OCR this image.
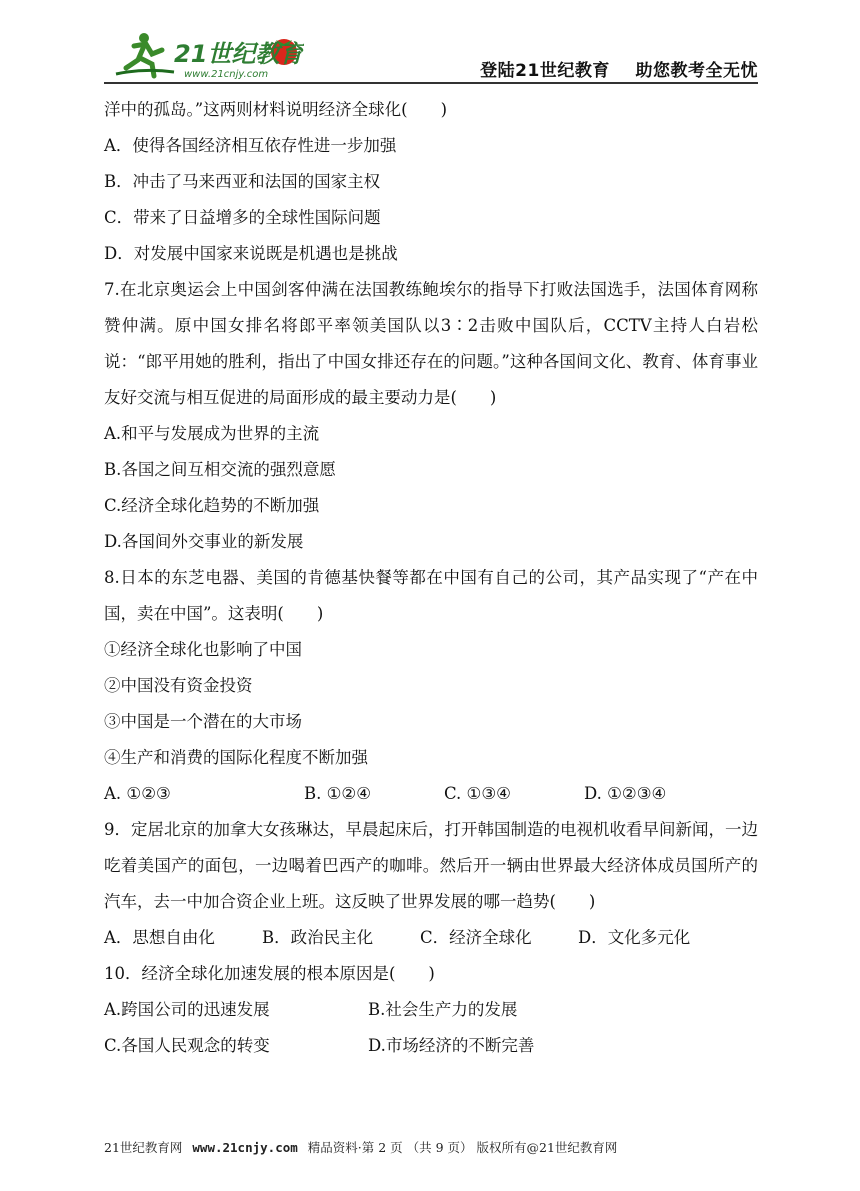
21世纪教育
www.21cnjy.com	登陆21世纪教育    助您教考全无忧
洋中的孤岛。”这两则材料说明经济全球化(　　)
A．使得各国经济相互依存性进一步加强
B．冲击了马来西亚和法国的国家主权
C．带来了日益增多的全球性国际问题
D．对发展中国家来说既是机遇也是挑战
7.在北京奥运会上中国剑客仲满在法国教练鲍埃尔的指导下打败法国选手，法国体育网称赞仲满。原中国女排名将郎平率领美国队以3∶2击败中国队后，CCTV主持人白岩松说：“郎平用她的胜利，指出了中国女排还存在的问题。”这种各国间文化、教育、体育事业友好交流与相互促进的局面形成的最主要动力是(　　)
A.和平与发展成为世界的主流
B.各国之间互相交流的强烈意愿
C.经济全球化趋势的不断加强
D.各国间外交事业的新发展
8.日本的东芝电器、美国的肯德基快餐等都在中国有自己的公司，其产品实现了“产在中国，卖在中国”。这表明(　　)
①经济全球化也影响了中国
②中国没有资金投资
③中国是一个潜在的大市场
④生产和消费的国际化程度不断加强
A. ①②③	B. ①②④	C. ①③④	D. ①②③④
9．定居北京的加拿大女孩琳达，早晨起床后，打开韩国制造的电视机收看早间新闻，一边吃着美国产的面包，一边喝着巴西产的咖啡。然后开一辆由世界最大经济体成员国所产的汽车，去一中加合资企业上班。这反映了世界发展的哪一趋势(　　)
A．思想自由化	B．政治民主化	C．经济全球化	D．文化多元化
10．经济全球化加速发展的根本原因是(　　)
A.跨国公司的迅速发展	B.社会生产力的发展
C.各国人民观念的转变	D.市场经济的不断完善
21世纪教育网 www.21cnjy.com 精品资料·第 2 页 （共 9 页） 版权所有@21世纪教育网
